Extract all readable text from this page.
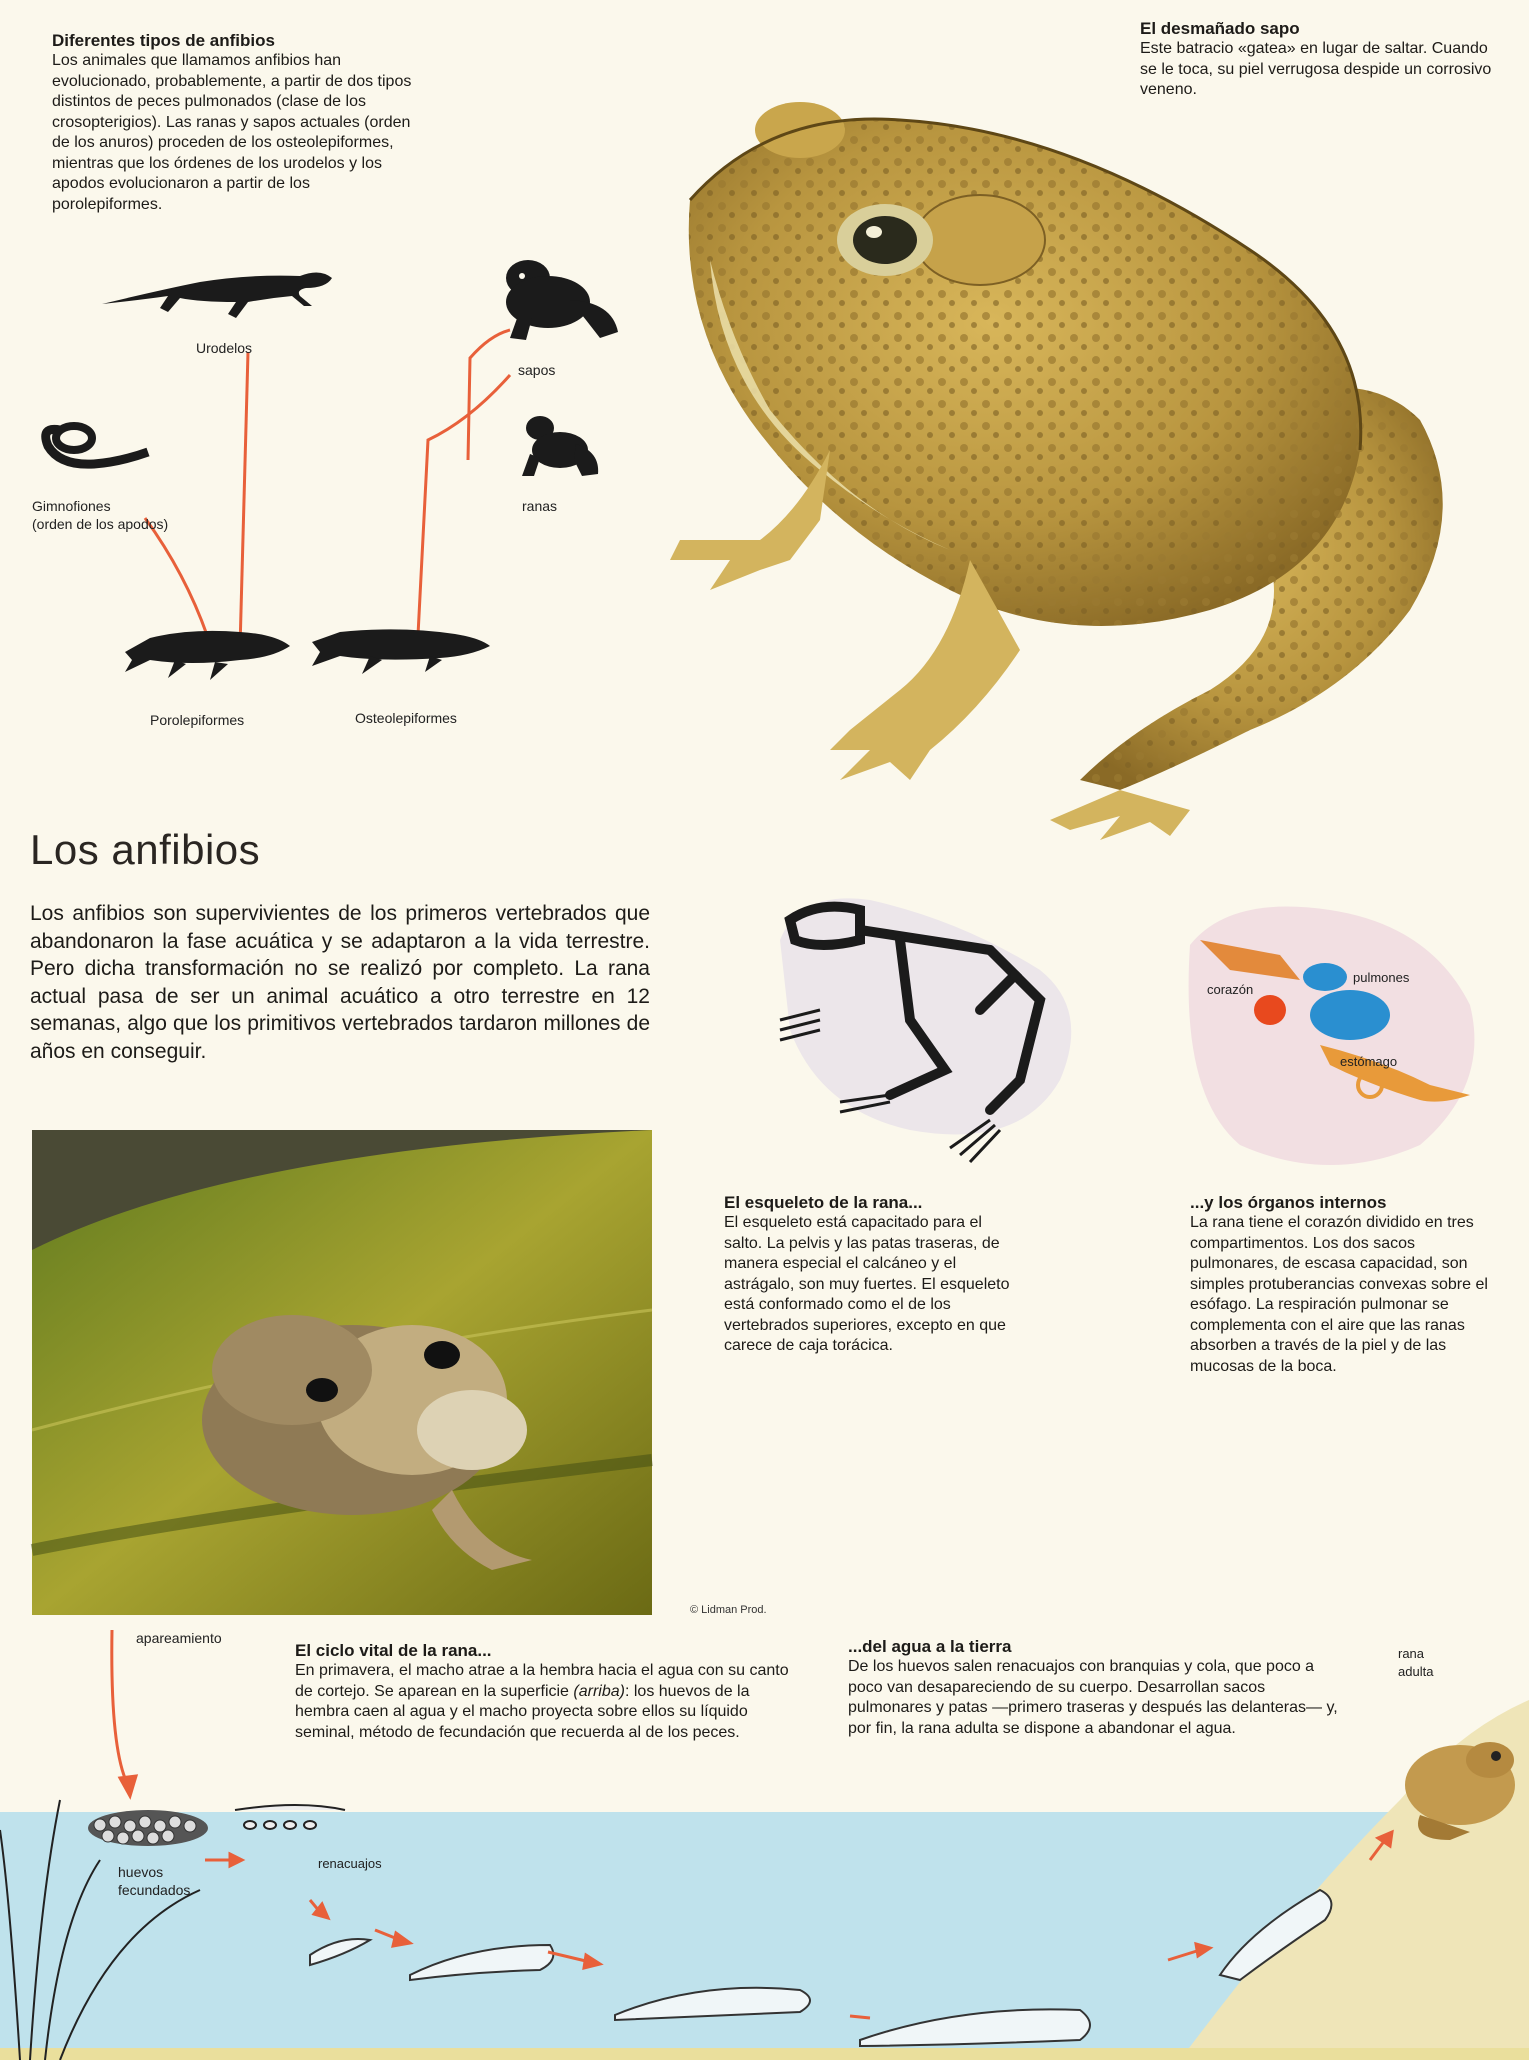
Diferentes tipos de anfibios

Los animales que llamamos anfibios han evolucionado, probablemente, a partir de dos tipos distintos de peces pulmonados (clase de los crosopterigios). Las ranas y sapos actuales (orden de los anuros) proceden de los osteolepiformes, mientras que los órdenes de los urodelos y los apodos evolucionaron a partir de los porolepiformes.

Urodelos
sapos
ranas
Gimnofiones
(orden de los apodos)
Porolepiformes	Osteolepiformes
El desmañado sapo

Este batracio «gatea» en lugar de saltar. Cuando se le toca, su piel verrugosa despide un corrosivo veneno.

Los anfibios

Los anfibios son supervivientes de los primeros vertebrados que abandonaron la fase acuática y se adaptaron a la vida terrestre. Pero dicha transformación no se realizó por completo. La rana actual pasa de ser un animal acuático a otro terrestre en 12 semanas, algo que los primitivos vertebrados tardaron millones de años en conseguir.

corazón
pulmones
estómago
El esqueleto de la rana...

El esqueleto está capacitado para el salto. La pelvis y las patas traseras, de manera especial el calcáneo y el astrágalo, son muy fuertes. El esqueleto está conformado como el de los vertebrados superiores, excepto en que carece de caja torácica.

...y los órganos internos

La rana tiene el corazón dividido en tres compartimentos. Los dos sacos pulmonares, de escasa capacidad, son simples protuberancias convexas sobre el esófago. La respiración pulmonar se complementa con el aire que las ranas absorben a través de la piel y de las mucosas de la boca.

© Lidman Prod.
apareamiento
El ciclo vital de la rana...

En primavera, el macho atrae a la hembra hacia el agua con su canto de cortejo. Se aparean en la superficie (arriba): los huevos de la hembra caen al agua y el macho proyecta sobre ellos su líquido seminal, método de fecundación que recuerda al de los peces.

...del agua a la tierra

De los huevos salen renacuajos con branquias y cola, que poco a poco van desapareciendo de su cuerpo. Desarrollan sacos pulmonares y patas —primero traseras y después las delanteras— y, por fin, la rana adulta se dispone a abandonar el agua.

huevos
fecundados
renacuajos
rana
adulta
